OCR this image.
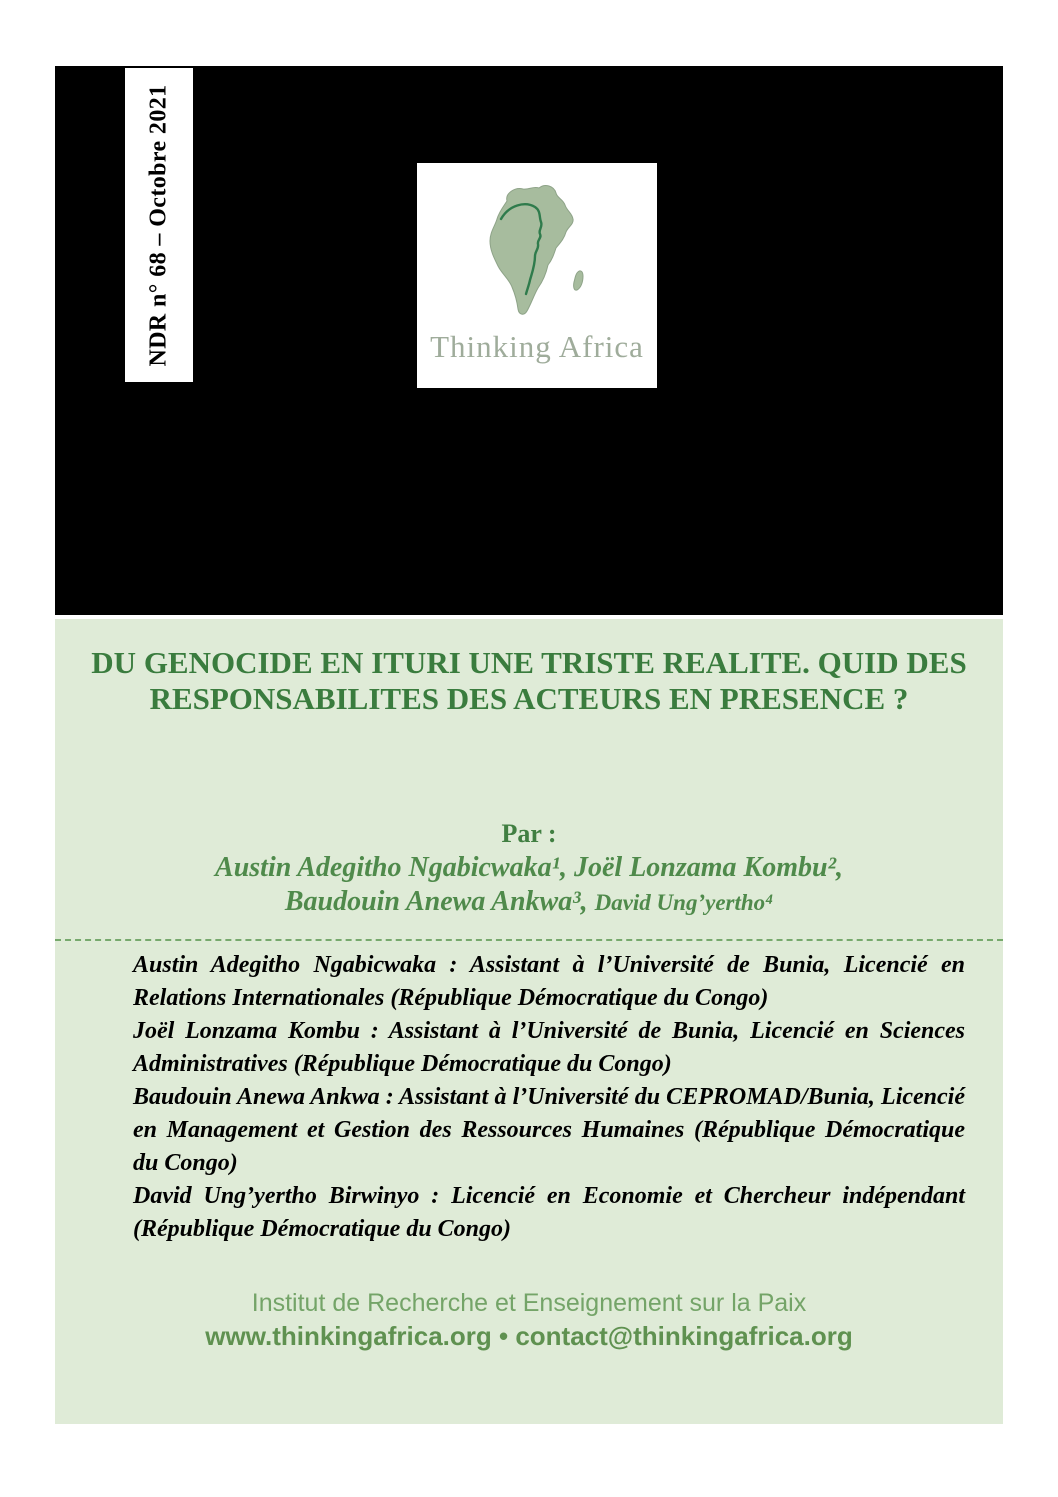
NDR n° 68 – Octobre 2021	Thinking Africa
DU GENOCIDE EN ITURI UNE TRISTE REALITE. QUID DES RESPONSABILITES DES ACTEURS EN PRESENCE ?
Par :
Austin Adegitho Ngabicwaka¹, Joël Lonzama Kombu²,
Baudouin Anewa Ankwa³, David Ung’yertho⁴

Austin Adegitho Ngabicwaka : Assistant à l’Université de Bunia, Licencié en Relations Internationales (République Démocratique du Congo)

Joël Lonzama Kombu : Assistant à l’Université de Bunia, Licencié en Sciences Administratives (République Démocratique du Congo)

Baudouin Anewa Ankwa : Assistant à l’Université du CEPROMAD/Bunia, Licencié en Management et Gestion des Ressources Humaines (République Démocratique du Congo)

David Ung’yertho Birwinyo : Licencié en Economie et Chercheur indépendant (République Démocratique du Congo)

Institut de Recherche et Enseignement sur la Paix
www.thinkingafrica.org • contact@thinkingafrica.org
